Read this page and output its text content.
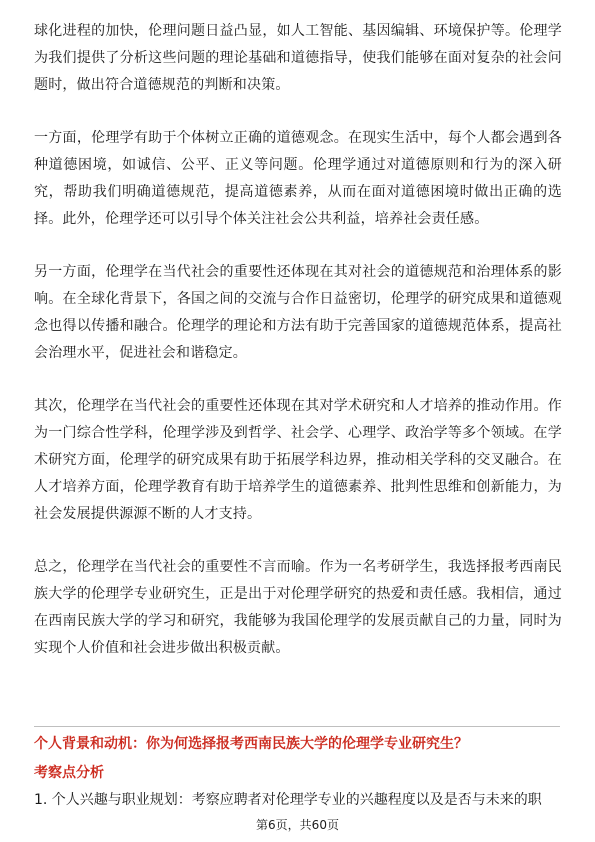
球化进程的加快，伦理问题日益凸显，如人工智能、基因编辑、环境保护等。伦理学为我们提供了分析这些问题的理论基础和道德指导，使我们能够在面对复杂的社会问题时，做出符合道德规范的判断和决策。

一方面，伦理学有助于个体树立正确的道德观念。在现实生活中，每个人都会遇到各种道德困境，如诚信、公平、正义等问题。伦理学通过对道德原则和行为的深入研究，帮助我们明确道德规范，提高道德素养，从而在面对道德困境时做出正确的选择。此外，伦理学还可以引导个体关注社会公共利益，培养社会责任感。

另一方面，伦理学在当代社会的重要性还体现在其对社会的道德规范和治理体系的影响。在全球化背景下，各国之间的交流与合作日益密切，伦理学的研究成果和道德观念也得以传播和融合。伦理学的理论和方法有助于完善国家的道德规范体系，提高社会治理水平，促进社会和谐稳定。

其次，伦理学在当代社会的重要性还体现在其对学术研究和人才培养的推动作用。作为一门综合性学科，伦理学涉及到哲学、社会学、心理学、政治学等多个领域。在学术研究方面，伦理学的研究成果有助于拓展学科边界，推动相关学科的交叉融合。在人才培养方面，伦理学教育有助于培养学生的道德素养、批判性思维和创新能力，为社会发展提供源源不断的人才支持。

总之，伦理学在当代社会的重要性不言而喻。作为一名考研学生，我选择报考西南民族大学的伦理学专业研究生，正是出于对伦理学研究的热爱和责任感。我相信，通过在西南民族大学的学习和研究，我能够为我国伦理学的发展贡献自己的力量，同时为实现个人价值和社会进步做出积极贡献。

个人背景和动机：你为何选择报考西南民族大学的伦理学专业研究生？
考察点分析
1. 个人兴趣与职业规划：考察应聘者对伦理学专业的兴趣程度以及是否与未来的职
第6页，共60页
